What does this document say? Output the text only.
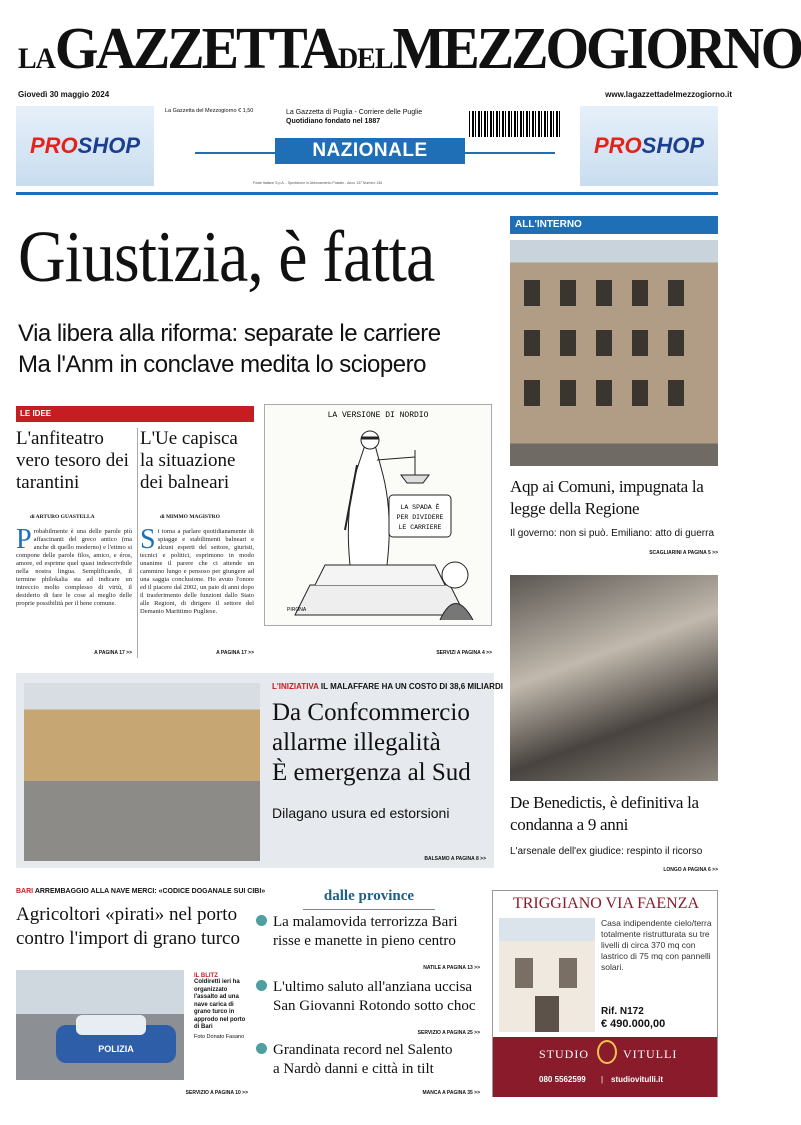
LAGAZZETTADELMEZZOGIORNO
Giovedì 30 maggio 2024	www.lagazzettadelmezzogiorno.it
PRO SHOP	PRO SHOP
La Gazzetta del Mezzogiorno € 1,50	La Gazzetta di Puglia - Corriere delle Puglie
Quotidiano fondato nel 1887
NAZIONALE
Poste Italiane S.p.A. - Spedizione in Abbonamento Postale - Anno 137 Numero 136
Giustizia, è fatta
Via libera alla riforma: separate le carriere
Ma l'Anm in conclave medita lo sciopero
LE IDEE
L'anfiteatro vero tesoro dei tarantini
di ARTURO GUASTELLA
Probabilmente è una delle parole più affascinanti del greco antico (ma anche di quello moderno) e l'etimo si compone delle parole filos, amico, e éros, amore, ed esprime quel quasi indescrivibile nella nostra lingua. Semplificando, il termine philokalia sta ad indicare un intreccio molto complesso di virtù, il desiderio di fare le cose al meglio delle proprie possibilità per il bene comune.
A PAGINA 17 >>
L'Ue capisca la situazione dei balneari
di MIMMO MAGISTRO
Si torna a parlare quotidianamente di spiagge e stabilimenti balneari e alcuni esperti del settore, giuristi, tecnici e politici, esprimono in modo unanime il parere che ci attende un cammino lungo e pensoso per giungere ad una saggia conclusione. Ho avuto l'onore ed il piacere dal 2002, un paio di anni dopo il trasferimento delle funzioni dallo Stato alle Regioni, di dirigere il settore del Demanio Marittimo Pugliese.
A PAGINA 17 >>
LA VERSIONE DI NORDIO
LA SPADA È
PER DIVIDERE
LE CARRIERE
PIRONA
SERVIZI A PAGINA 4 >>
ALL'INTERNO
Aqp ai Comuni, impugnata la legge della Regione
Il governo: non si può. Emiliano: atto di guerra
SCAGLIARINI A PAGINA 5 >>
De Benedictis, è definitiva la condanna a 9 anni
L'arsenale dell'ex giudice: respinto il ricorso
LONGO A PAGINA 6 >>
L'INIZIATIVA IL MALAFFARE HA UN COSTO DI 38,6 MILIARDI
Da Confcommercio
allarme illegalità
È emergenza al Sud
Dilagano usura ed estorsioni
BALSAMO A PAGINA 8 >>
BARI ARREMBAGGIO ALLA NAVE MERCI: «CODICE DOGANALE SUI CIBI»
Agricoltori «pirati» nel porto
contro l'import di grano turco
POLIZIA
IL BLITZ
Coldiretti ieri ha organizzato l'assalto ad una nave carica di grano turco in approdo nel porto di Bari
Foto Donato Fasano
SERVIZIO A PAGINA 10 >>
dalle province
La malamovida terrorizza Bari
risse e manette in pieno centro
NATILE A PAGINA 13 >>
L'ultimo saluto all'anziana uccisa
San Giovanni Rotondo sotto choc
SERVIZIO A PAGINA 25 >>
Grandinata record nel Salento
a Nardò danni e città in tilt
MANCA A PAGINA 35 >>
TRIGGIANO VIA FAENZA
Casa indipendente cielo/terra totalmente ristrutturata su tre livelli di circa 370 mq con lastrico di 75 mq con pannelli solari.
Rif. N172
€ 490.000,00
STUDIO	VITULLI
080 5562599 | studiovitulli.it
